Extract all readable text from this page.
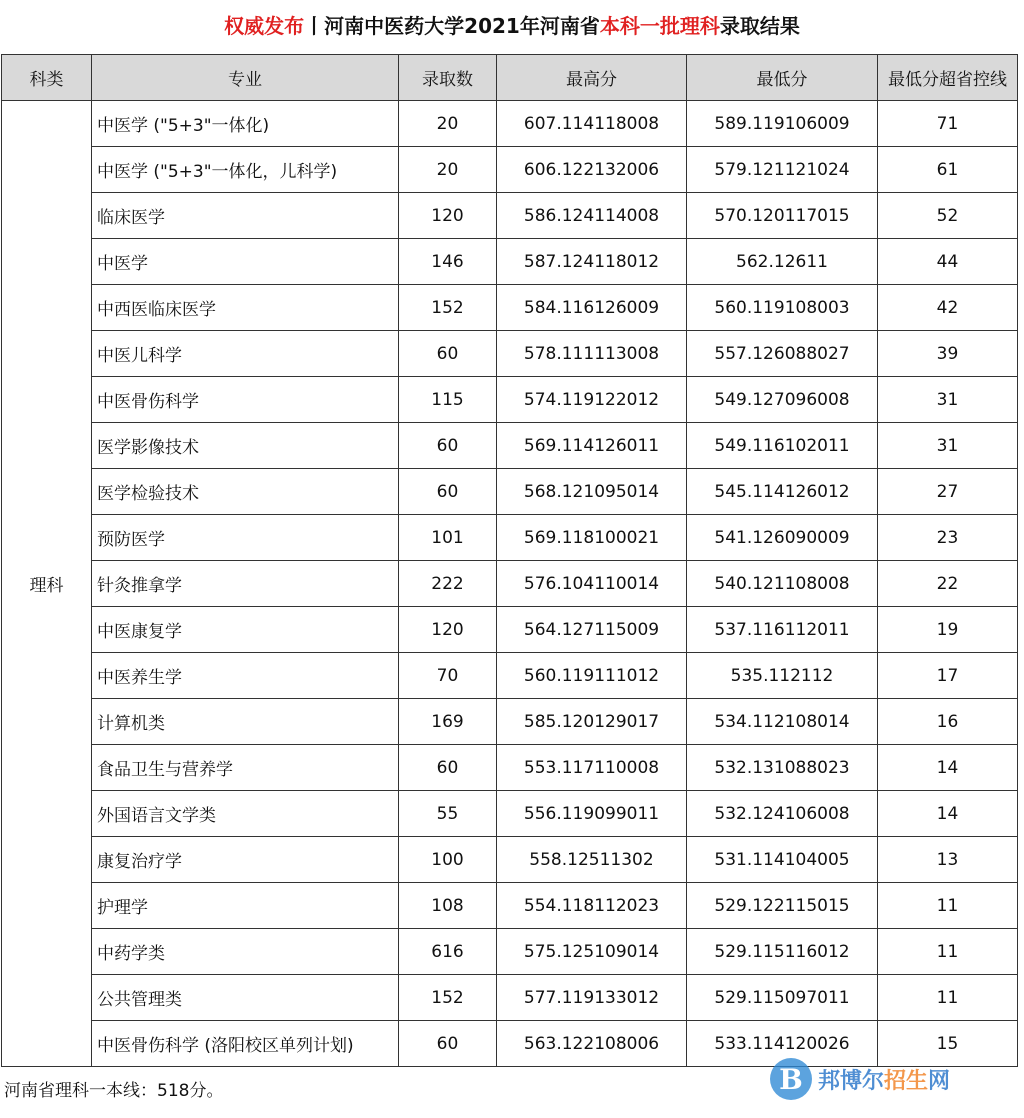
权威发布丨河南中医药大学2021年河南省本科一批理科录取结果
科类	专业	录取数	最高分	最低分	最低分超省控线
理科	中医学 ("5+3"一体化)	20	607.114118008	589.119106009	71
	中医学 ("5+3"一体化，儿科学)	20	606.122132006	579.121121024	61
	临床医学	120	586.124114008	570.120117015	52
	中医学	146	587.124118012	562.12611	44
	中西医临床医学	152	584.116126009	560.119108003	42
	中医儿科学	60	578.111113008	557.126088027	39
	中医骨伤科学	115	574.119122012	549.127096008	31
	医学影像技术	60	569.114126011	549.116102011	31
	医学检验技术	60	568.121095014	545.114126012	27
	预防医学	101	569.118100021	541.126090009	23
	针灸推拿学	222	576.104110014	540.121108008	22
	中医康复学	120	564.127115009	537.116112011	19
	中医养生学	70	560.119111012	535.112112	17
	计算机类	169	585.120129017	534.112108014	16
	食品卫生与营养学	60	553.117110008	532.131088023	14
	外国语言文学类	55	556.119099011	532.124106008	14
	康复治疗学	100	558.12511302	531.114104005	13
	护理学	108	554.118112023	529.122115015	11
	中药学类	616	575.125109014	529.115116012	11
	公共管理类	152	577.119133012	529.115097011	11
	中医骨伤科学 (洛阳校区单列计划)	60	563.122108006	533.114120026	15
河南省理科一本线：518分。	B 邦博尔招生网
